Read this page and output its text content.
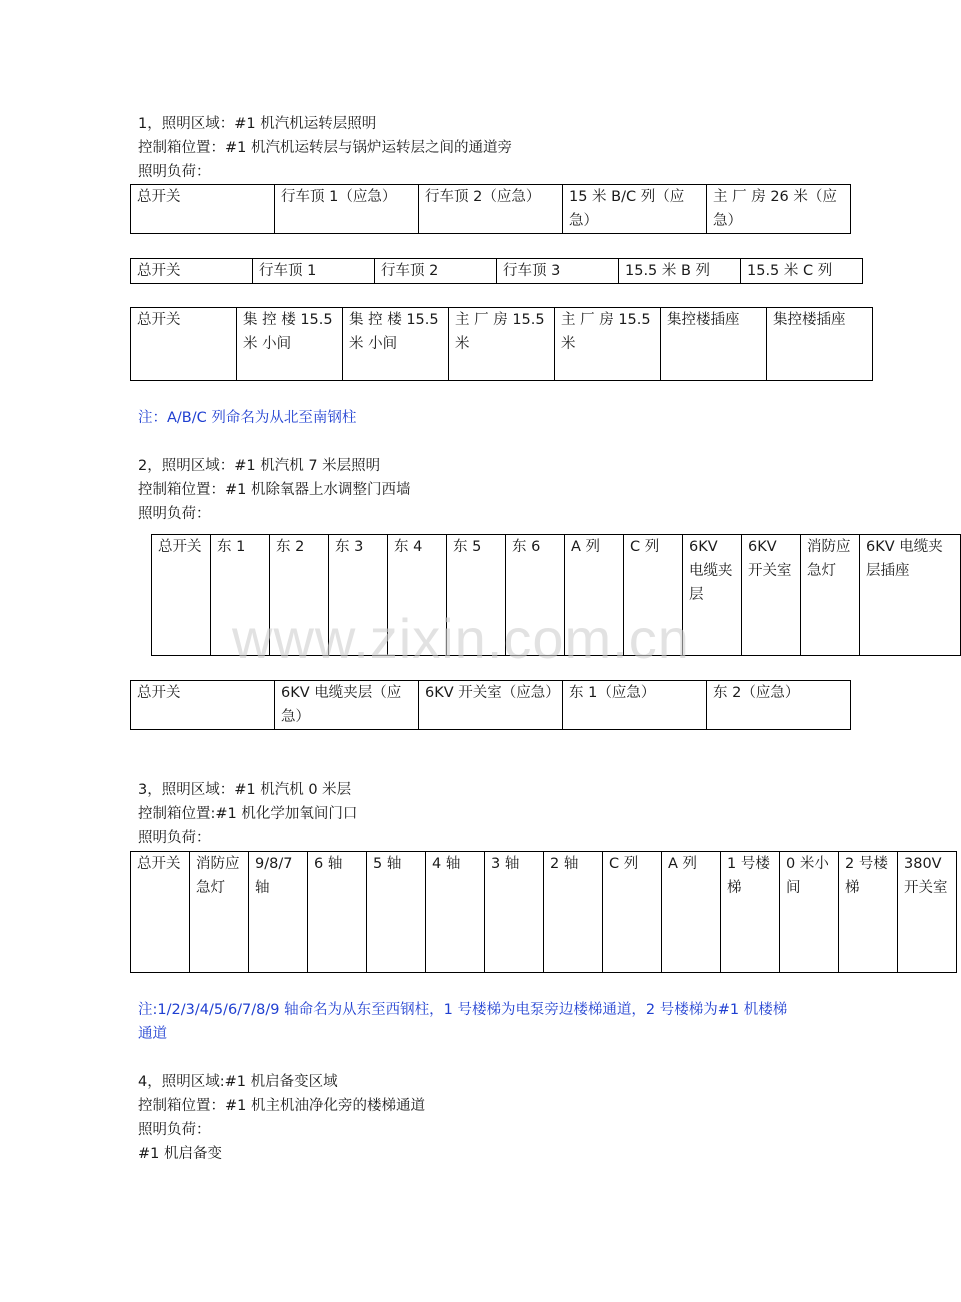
1，照明区域：#1 机汽机运转层照明
控制箱位置：#1 机汽机运转层与锅炉运转层之间的通道旁
照明负荷：
总开关	行车顶 1（应急）	行车顶 2（应急）	15 米 B/C 列（应急）	主 厂 房 26 米（应急）
总开关	行车顶 1	行车顶 2	行车顶 3	15.5 米 B 列	15.5 米 C 列
总开关	集 控 楼 15.5 米 小间	集 控 楼 15.5 米 小间	主 厂 房 15.5 米	主 厂 房 15.5 米	集控楼插座	集控楼插座
注：A/B/C 列命名为从北至南钢柱
2，照明区域：#1 机汽机 7 米层照明
控制箱位置：#1 机除氧器上水调整门西墙
照明负荷：
总开关	东 1	东 2	东 3	东 4	东 5	东 6	A 列	C 列	6KV 电缆夹层	6KV 开关室	消防应急灯	6KV 电缆夹层插座
总开关	6KV 电缆夹层（应急）	6KV 开关室（应急）	东 1（应急）	东 2（应急）
3，照明区域：#1 机汽机 0 米层
控制箱位置:#1 机化学加氧间门口
照明负荷：
总开关	消防应急灯	9/8/7 轴	6 轴	5 轴	4 轴	3 轴	2 轴	C 列	A 列	1 号楼梯	0 米小间	2 号楼梯	380V 开关室
注:1/2/3/4/5/6/7/8/9 轴命名为从东至西钢柱，1 号楼梯为电泵旁边楼梯通道，2 号楼梯为#1 机楼梯通道
4，照明区域:#1 机启备变区域
控制箱位置：#1 机主机油净化旁的楼梯通道
照明负荷：
#1 机启备变
www.zixin.com.cn
